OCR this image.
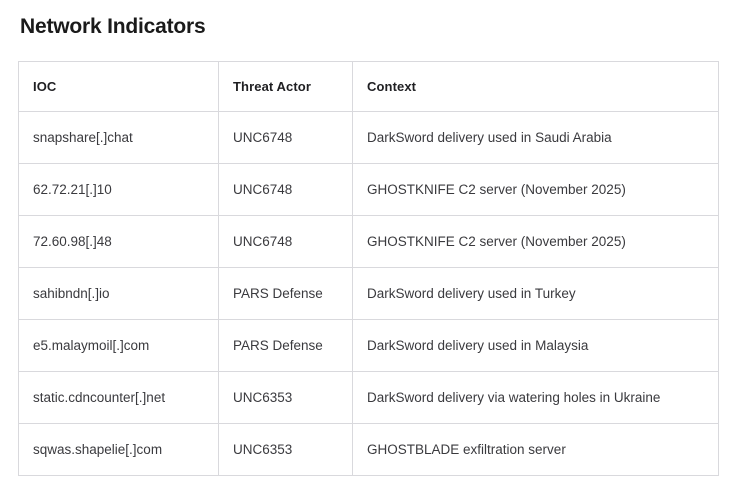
Network Indicators
IOC	Threat Actor	Context
snapshare[.]chat	UNC6748	DarkSword delivery used in Saudi Arabia
62.72.21[.]10	UNC6748	GHOSTKNIFE C2 server (November 2025)
72.60.98[.]48	UNC6748	GHOSTKNIFE C2 server (November 2025)
sahibndn[.]io	PARS Defense	DarkSword delivery used in Turkey
e5.malaymoil[.]com	PARS Defense	DarkSword delivery used in Malaysia
static.cdncounter[.]net	UNC6353	DarkSword delivery via watering holes in Ukraine
sqwas.shapelie[.]com	UNC6353	GHOSTBLADE exfiltration server
